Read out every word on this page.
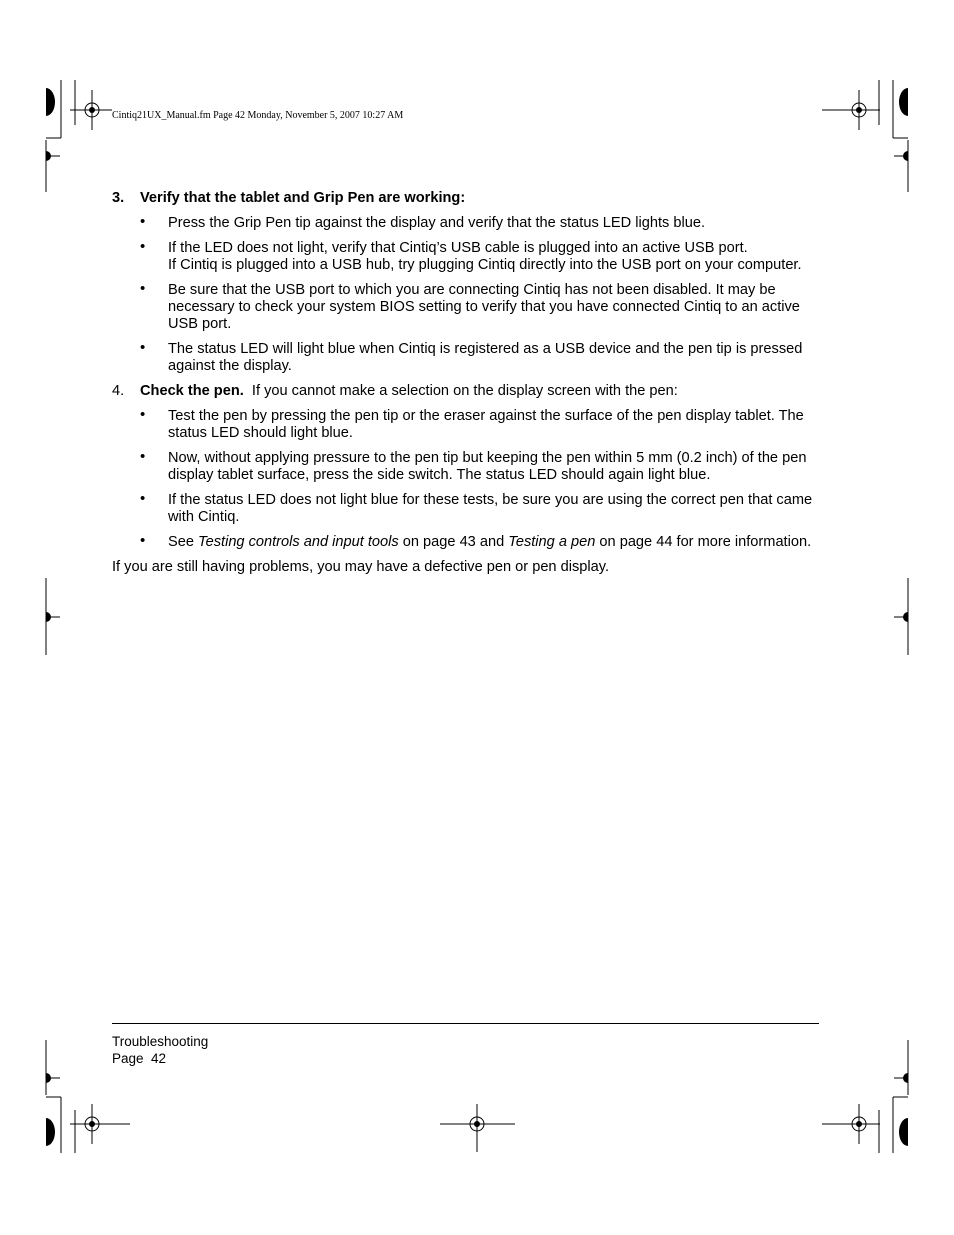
Cintiq21UX_Manual.fm Page 42 Monday, November 5, 2007 10:27 AM
3. Verify that the tablet and Grip Pen are working:
• Press the Grip Pen tip against the display and verify that the status LED lights blue.
• If the LED does not light, verify that Cintiq’s USB cable is plugged into an active USB port.
If Cintiq is plugged into a USB hub, try plugging Cintiq directly into the USB port on your computer.
• Be sure that the USB port to which you are connecting Cintiq has not been disabled. It may be necessary to check your system BIOS setting to verify that you have connected Cintiq to an active USB port.
• The status LED will light blue when Cintiq is registered as a USB device and the pen tip is pressed against the display.
4. Check the pen.  If you cannot make a selection on the display screen with the pen:
• Test the pen by pressing the pen tip or the eraser against the surface of the pen display tablet. The status LED should light blue.
• Now, without applying pressure to the pen tip but keeping the pen within 5 mm (0.2 inch) of the pen display tablet surface, press the side switch. The status LED should again light blue.
• If the status LED does not light blue for these tests, be sure you are using the correct pen that came with Cintiq.
• See Testing controls and input tools on page 43 and Testing a pen on page 44 for more information.

If you are still having problems, you may have a defective pen or pen display.

Troubleshooting
Page  42
